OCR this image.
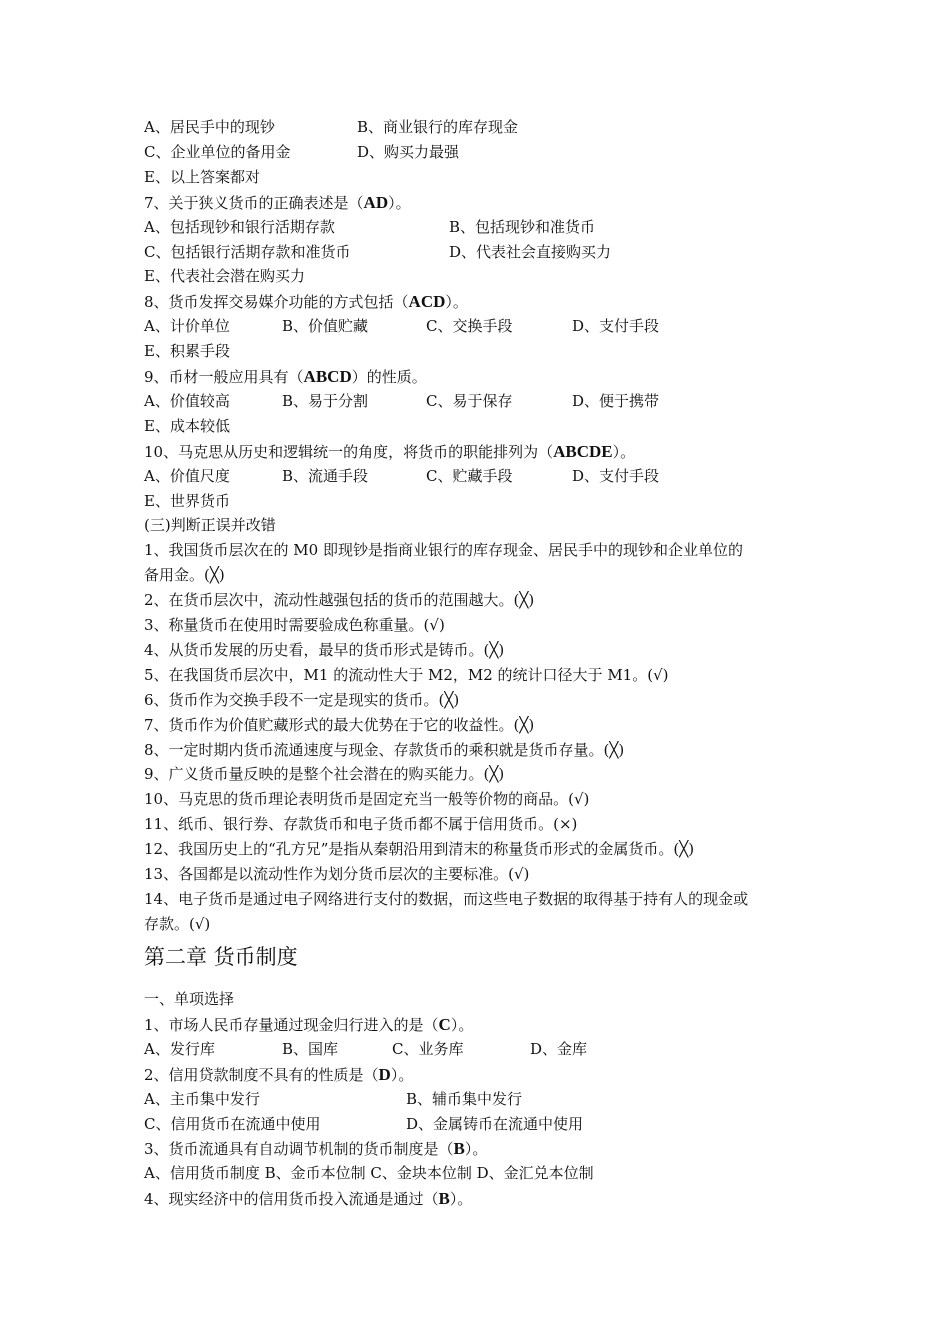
A、居民手中的现钞	B、商业银行的库存现金
C、企业单位的备用金	D、购买力最强
E、以上答案都对
7、关于狭义货币的正确表述是（AD）。
A、包括现钞和银行活期存款	B、包括现钞和准货币
C、包括银行活期存款和准货币	D、代表社会直接购买力
E、代表社会潜在购买力
8、货币发挥交易媒介功能的方式包括（ACD）。
A、计价单位	B、价值贮藏	C、交换手段	D、支付手段
E、积累手段
9、币材一般应用具有（ABCD）的性质。
A、价值较高	B、易于分割	C、易于保存	D、便于携带
E、成本较低
10、马克思从历史和逻辑统一的角度，将货币的职能排列为（ABCDE）。
A、价值尺度	B、流通手段	C、贮藏手段	D、支付手段
E、世界货币
(三)判断正误并改错
1、我国货币层次在的 M0 即现钞是指商业银行的库存现金、居民手中的现钞和企业单位的
备用金。(╳)
2、在货币层次中，流动性越强包括的货币的范围越大。(╳)
3、称量货币在使用时需要验成色称重量。(√)
4、从货币发展的历史看，最早的货币形式是铸币。(╳)
5、在我国货币层次中，M1 的流动性大于 M2，M2 的统计口径大于 M1。(√)
6、货币作为交换手段不一定是现实的货币。(╳)
7、货币作为价值贮藏形式的最大优势在于它的收益性。(╳)
8、一定时期内货币流通速度与现金、存款货币的乘积就是货币存量。(╳)
9、广义货币量反映的是整个社会潜在的购买能力。(╳)
10、马克思的货币理论表明货币是固定充当一般等价物的商品。(√)
11、纸币、银行券、存款货币和电子货币都不属于信用货币。(×)
12、我国历史上的“孔方兄”是指从秦朝沿用到清末的称量货币形式的金属货币。(╳)
13、各国都是以流动性作为划分货币层次的主要标准。(√)
14、电子货币是通过电子网络进行支付的数据，而这些电子数据的取得基于持有人的现金或
存款。(√)
第二章 货币制度
一、单项选择
1、市场人民币存量通过现金归行进入的是（C）。
A、发行库	B、国库	C、业务库	D、金库
2、信用贷款制度不具有的性质是（D）。
A、主币集中发行	B、辅币集中发行
C、信用货币在流通中使用	D、金属铸币在流通中使用
3、货币流通具有自动调节机制的货币制度是（B）。
A、信用货币制度 B、金币本位制 C、金块本位制 D、金汇兑本位制
4、现实经济中的信用货币投入流通是通过（B）。
